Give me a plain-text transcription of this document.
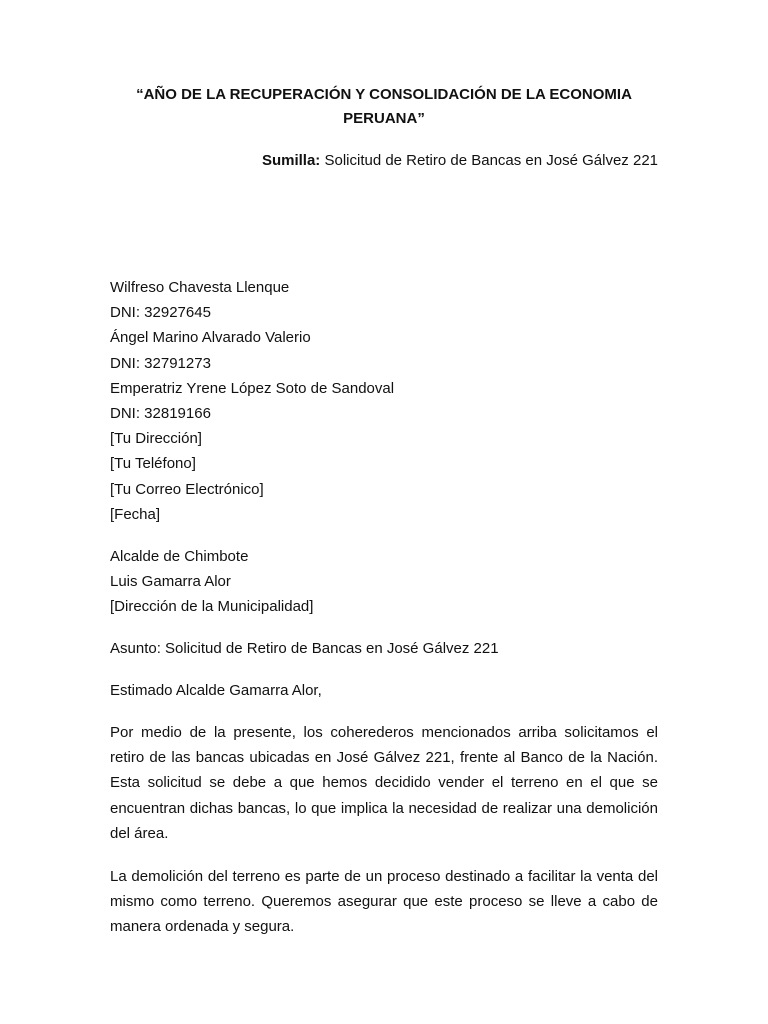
“AÑO DE LA RECUPERACIÓN Y CONSOLIDACIÓN DE LA ECONOMIA PERUANA”
Sumilla: Solicitud de Retiro de Bancas en José Gálvez 221
Wilfreso Chavesta Llenque
DNI: 32927645
Ángel Marino Alvarado Valerio
DNI: 32791273
Emperatriz Yrene López Soto de Sandoval
DNI: 32819166
[Tu Dirección]
[Tu Teléfono]
[Tu Correo Electrónico]
[Fecha]
Alcalde de Chimbote
Luis Gamarra Alor
[Dirección de la Municipalidad]
Asunto: Solicitud de Retiro de Bancas en José Gálvez 221
Estimado Alcalde Gamarra Alor,
Por medio de la presente, los coherederos mencionados arriba solicitamos el retiro de las bancas ubicadas en José Gálvez 221, frente al Banco de la Nación. Esta solicitud se debe a que hemos decidido vender el terreno en el que se encuentran dichas bancas, lo que implica la necesidad de realizar una demolición del área.
La demolición del terreno es parte de un proceso destinado a facilitar la venta del mismo como terreno. Queremos asegurar que este proceso se lleve a cabo de manera ordenada y segura.
